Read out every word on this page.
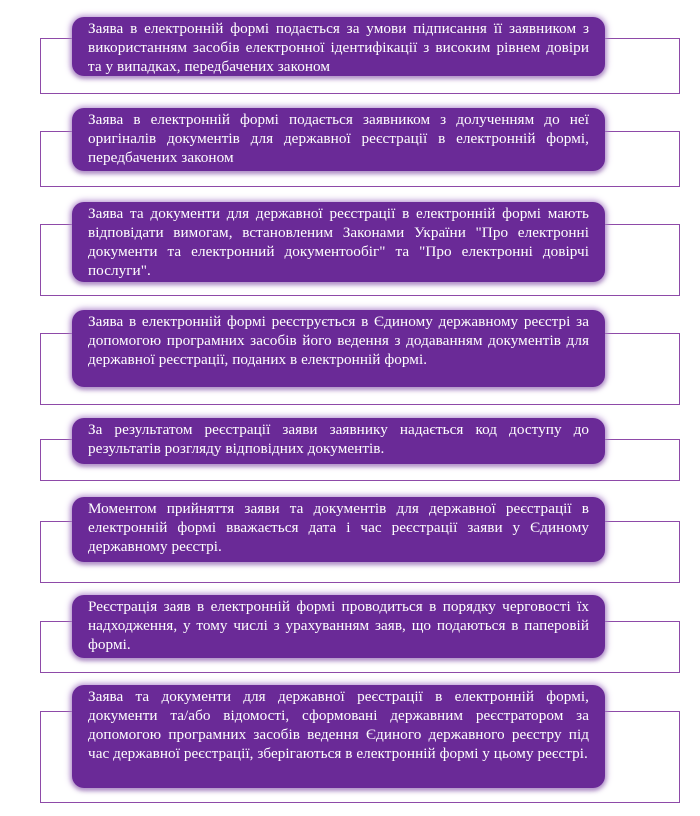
Заява в електронній формі подається за умови підписання її заявником з використанням засобів електронної ідентифікації з високим рівнем довіри та у випадках, передбачених законом
Заява в електронній формі подається заявником з долученням до неї оригіналів документів для державної реєстрації в електронній формі, передбачених законом
Заява та документи для державної реєстрації в електронній формі мають відповідати вимогам, встановленим Законами України "Про електронні документи та електронний документообіг" та "Про електронні довірчі послуги".
Заява в електронній формі реєструється в Єдиному державному реєстрі за допомогою програмних засобів його ведення з додаванням документів для державної реєстрації, поданих в електронній формі.
За результатом реєстрації заяви заявнику надається код доступу до результатів розгляду відповідних документів.
Моментом прийняття заяви та документів для державної реєстрації в електронній формі вважається дата і час реєстрації заяви у Єдиному державному реєстрі.
Реєстрація заяв в електронній формі проводиться в порядку черговості їх надходження, у тому числі з урахуванням заяв, що подаються в паперовій формі.
Заява та документи для державної реєстрації в електронній формі, документи та/або відомості, сформовані державним реєстратором за допомогою програмних засобів ведення Єдиного державного реєстру під час державної реєстрації, зберігаються в електронній формі у цьому реєстрі.
